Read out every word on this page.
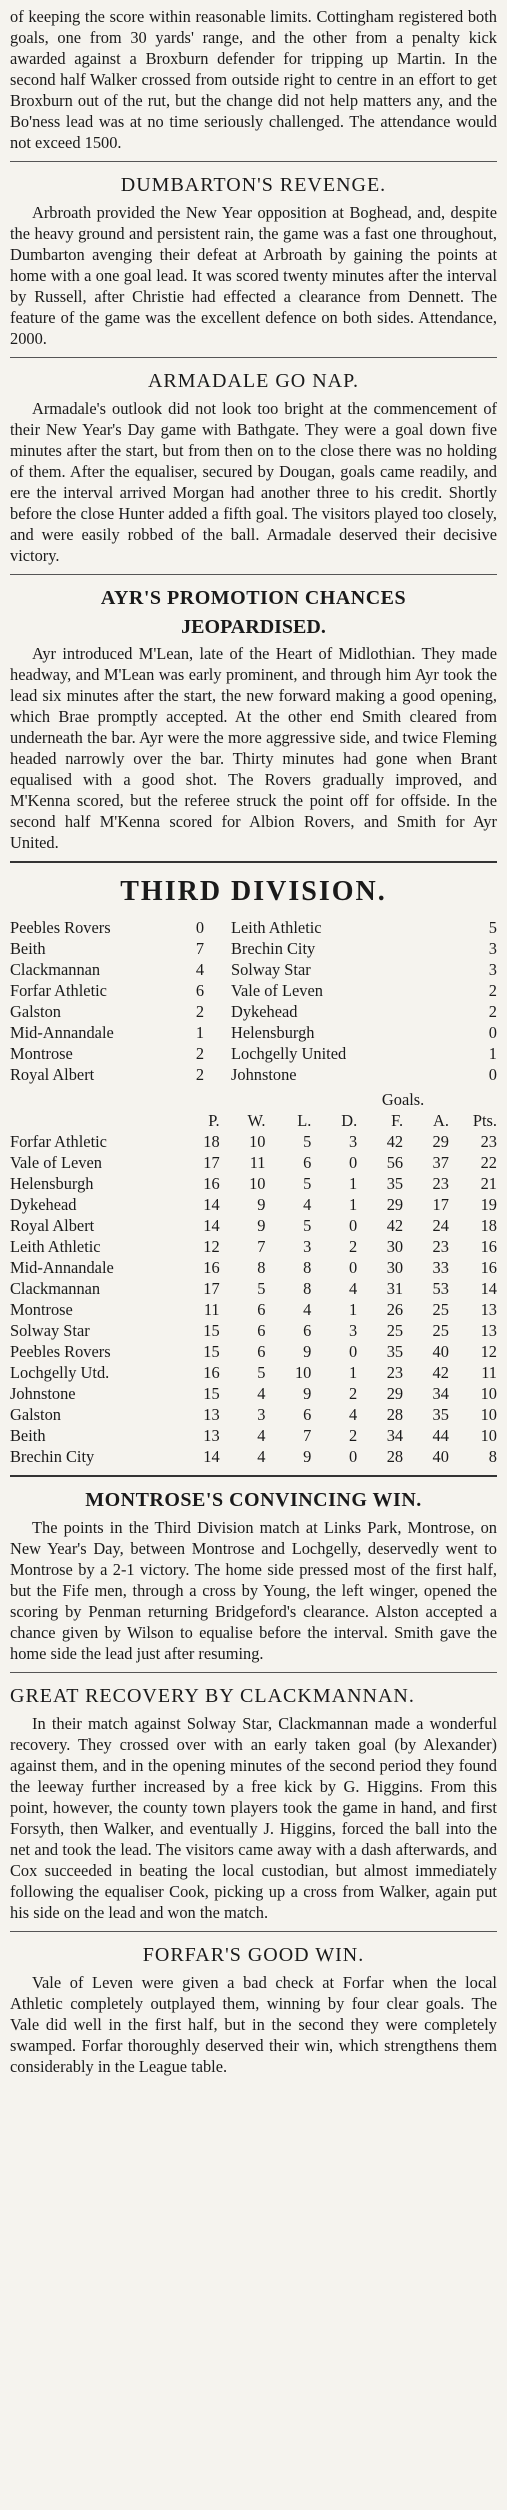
of keeping the score within reasonable limits. Cottingham registered both goals, one from 30 yards' range, and the other from a penalty kick awarded against a Broxburn defender for tripping up Martin. In the second half Walker crossed from outside right to centre in an effort to get Broxburn out of the rut, but the change did not help matters any, and the Bo'ness lead was at no time seriously challenged. The attendance would not exceed 1500.

DUMBARTON'S REVENGE.

Arbroath provided the New Year opposition at Boghead, and, despite the heavy ground and persistent rain, the game was a fast one throughout, Dumbarton avenging their defeat at Arbroath by gaining the points at home with a one goal lead. It was scored twenty minutes after the interval by Russell, after Christie had effected a clearance from Dennett. The feature of the game was the excellent defence on both sides. Attendance, 2000.

ARMADALE GO NAP.

Armadale's outlook did not look too bright at the commencement of their New Year's Day game with Bathgate. They were a goal down five minutes after the start, but from then on to the close there was no holding of them. After the equaliser, secured by Dougan, goals came readily, and ere the interval arrived Morgan had another three to his credit. Shortly before the close Hunter added a fifth goal. The visitors played too closely, and were easily robbed of the ball. Armadale deserved their decisive victory.

AYR'S PROMOTION CHANCES
JEOPARDISED.

Ayr introduced M'Lean, late of the Heart of Midlothian. They made headway, and M'Lean was early prominent, and through him Ayr took the lead six minutes after the start, the new forward making a good opening, which Brae promptly accepted. At the other end Smith cleared from underneath the bar. Ayr were the more aggressive side, and twice Fleming headed narrowly over the bar. Thirty minutes had gone when Brant equalised with a good shot. The Rovers gradually improved, and M'Kenna scored, but the referee struck the point off for offside. In the second half M'Kenna scored for Albion Rovers, and Smith for Ayr United.

THIRD DIVISION.
Peebles Rovers	0	Leith Athletic	5
Beith	7	Brechin City	3
Clackmannan	4	Solway Star	3
Forfar Athletic	6	Vale of Leven	2
Galston	2	Dykehead	2
Mid-Annandale	1	Helensburgh	0
Montrose	2	Lochgelly United	1
Royal Albert	2	Johnstone	0
					Goals.		
	P.	W.	L.	D.	F.	A.	Pts.
Forfar Athletic	18	10	5	3	42	29	23
Vale of Leven	17	11	6	0	56	37	22
Helensburgh	16	10	5	1	35	23	21
Dykehead	14	9	4	1	29	17	19
Royal Albert	14	9	5	0	42	24	18
Leith Athletic	12	7	3	2	30	23	16
Mid-Annandale	16	8	8	0	30	33	16
Clackmannan	17	5	8	4	31	53	14
Montrose	11	6	4	1	26	25	13
Solway Star	15	6	6	3	25	25	13
Peebles Rovers	15	6	9	0	35	40	12
Lochgelly Utd.	16	5	10	1	23	42	11
Johnstone	15	4	9	2	29	34	10
Galston	13	3	6	4	28	35	10
Beith	13	4	7	2	34	44	10
Brechin City	14	4	9	0	28	40	8
MONTROSE'S CONVINCING WIN.

The points in the Third Division match at Links Park, Montrose, on New Year's Day, between Montrose and Lochgelly, deservedly went to Montrose by a 2-1 victory. The home side pressed most of the first half, but the Fife men, through a cross by Young, the left winger, opened the scoring by Penman returning Bridgeford's clearance. Alston accepted a chance given by Wilson to equalise before the interval. Smith gave the home side the lead just after resuming.

GREAT RECOVERY BY CLACKMANNAN.

In their match against Solway Star, Clackmannan made a wonderful recovery. They crossed over with an early taken goal (by Alexander) against them, and in the opening minutes of the second period they found the leeway further increased by a free kick by G. Higgins. From this point, however, the county town players took the game in hand, and first Forsyth, then Walker, and eventually J. Higgins, forced the ball into the net and took the lead. The visitors came away with a dash afterwards, and Cox succeeded in beating the local custodian, but almost immediately following the equaliser Cook, picking up a cross from Walker, again put his side on the lead and won the match.

FORFAR'S GOOD WIN.

Vale of Leven were given a bad check at Forfar when the local Athletic completely outplayed them, winning by four clear goals. The Vale did well in the first half, but in the second they were completely swamped. Forfar thoroughly deserved their win, which strengthens them considerably in the League table.
